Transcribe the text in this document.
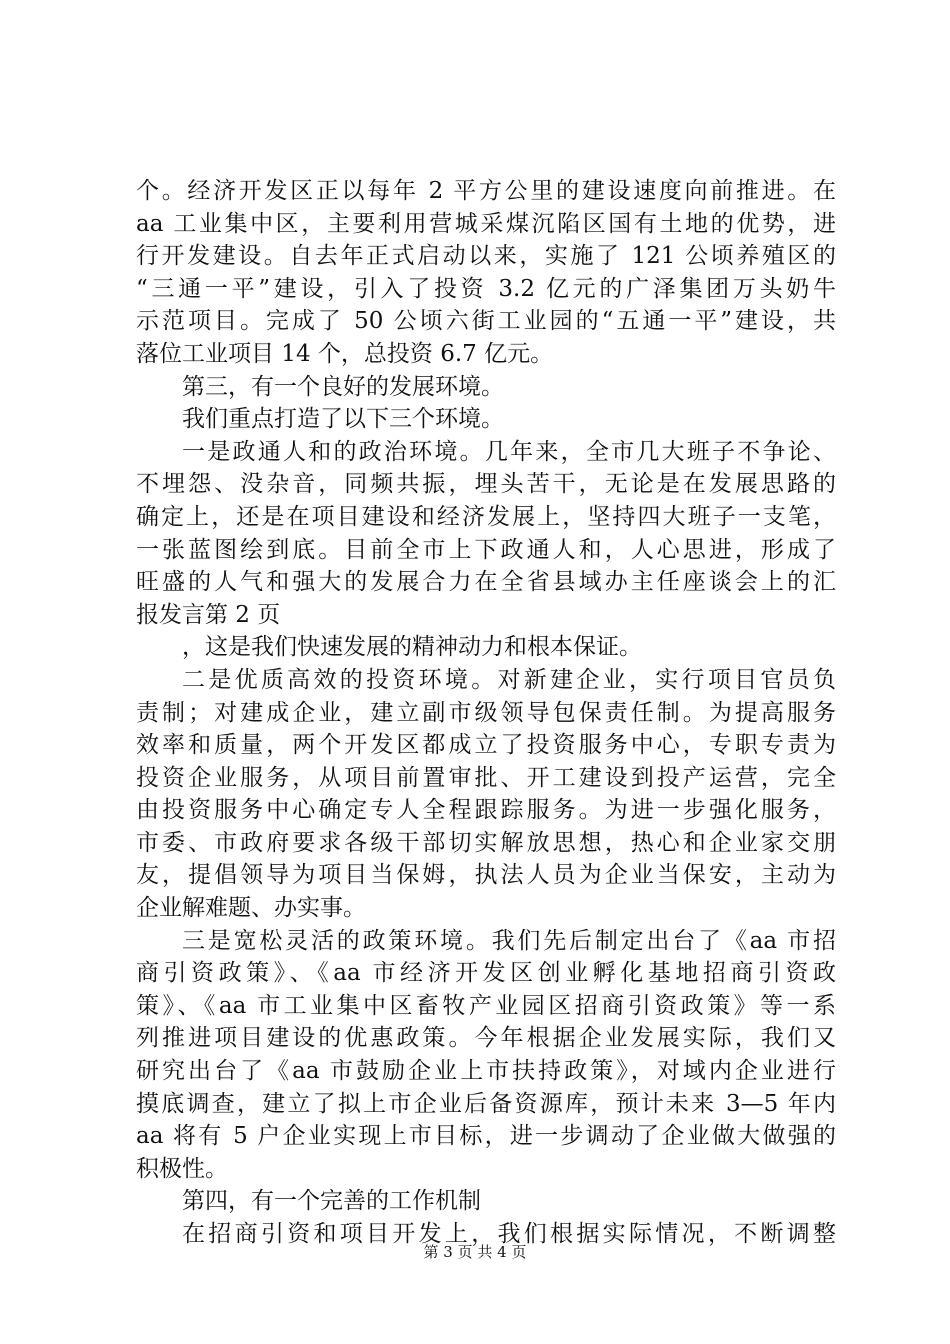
个。经济开发区正以每年 2 平方公里的建设速度向前推进。在
aa 工业集中区，主要利用营城采煤沉陷区国有土地的优势，进
行开发建设。自去年正式启动以来，实施了 121 公顷养殖区的
“三通一平”建设，引入了投资 3.2 亿元的广泽集团万头奶牛
示范项目。完成了 50 公顷六街工业园的“五通一平”建设，共
落位工业项目 14 个，总投资 6.7 亿元。
第三，有一个良好的发展环境。
我们重点打造了以下三个环境。
一是政通人和的政治环境。几年来，全市几大班子不争论、
不埋怨、没杂音，同频共振，埋头苦干，无论是在发展思路的
确定上，还是在项目建设和经济发展上，坚持四大班子一支笔，
一张蓝图绘到底。目前全市上下政通人和，人心思进，形成了
旺盛的人气和强大的发展合力在全省县域办主任座谈会上的汇
报发言第 2 页
，这是我们快速发展的精神动力和根本保证。
二是优质高效的投资环境。对新建企业，实行项目官员负
责制；对建成企业，建立副市级领导包保责任制。为提高服务
效率和质量，两个开发区都成立了投资服务中心，专职专责为
投资企业服务，从项目前置审批、开工建设到投产运营，完全
由投资服务中心确定专人全程跟踪服务。为进一步强化服务，
市委、市政府要求各级干部切实解放思想，热心和企业家交朋
友，提倡领导为项目当保姆，执法人员为企业当保安，主动为
企业解难题、办实事。
三是宽松灵活的政策环境。我们先后制定出台了《aa 市招
商引资政策》、《aa 市经济开发区创业孵化基地招商引资政
策》、《aa 市工业集中区畜牧产业园区招商引资政策》等一系
列推进项目建设的优惠政策。今年根据企业发展实际，我们又
研究出台了《aa 市鼓励企业上市扶持政策》，对域内企业进行
摸底调查，建立了拟上市企业后备资源库，预计未来 3—5 年内
aa 将有 5 户企业实现上市目标，进一步调动了企业做大做强的
积极性。
第四，有一个完善的工作机制
在招商引资和项目开发上，我们根据实际情况，不断调整
第 3 页 共 4 页
